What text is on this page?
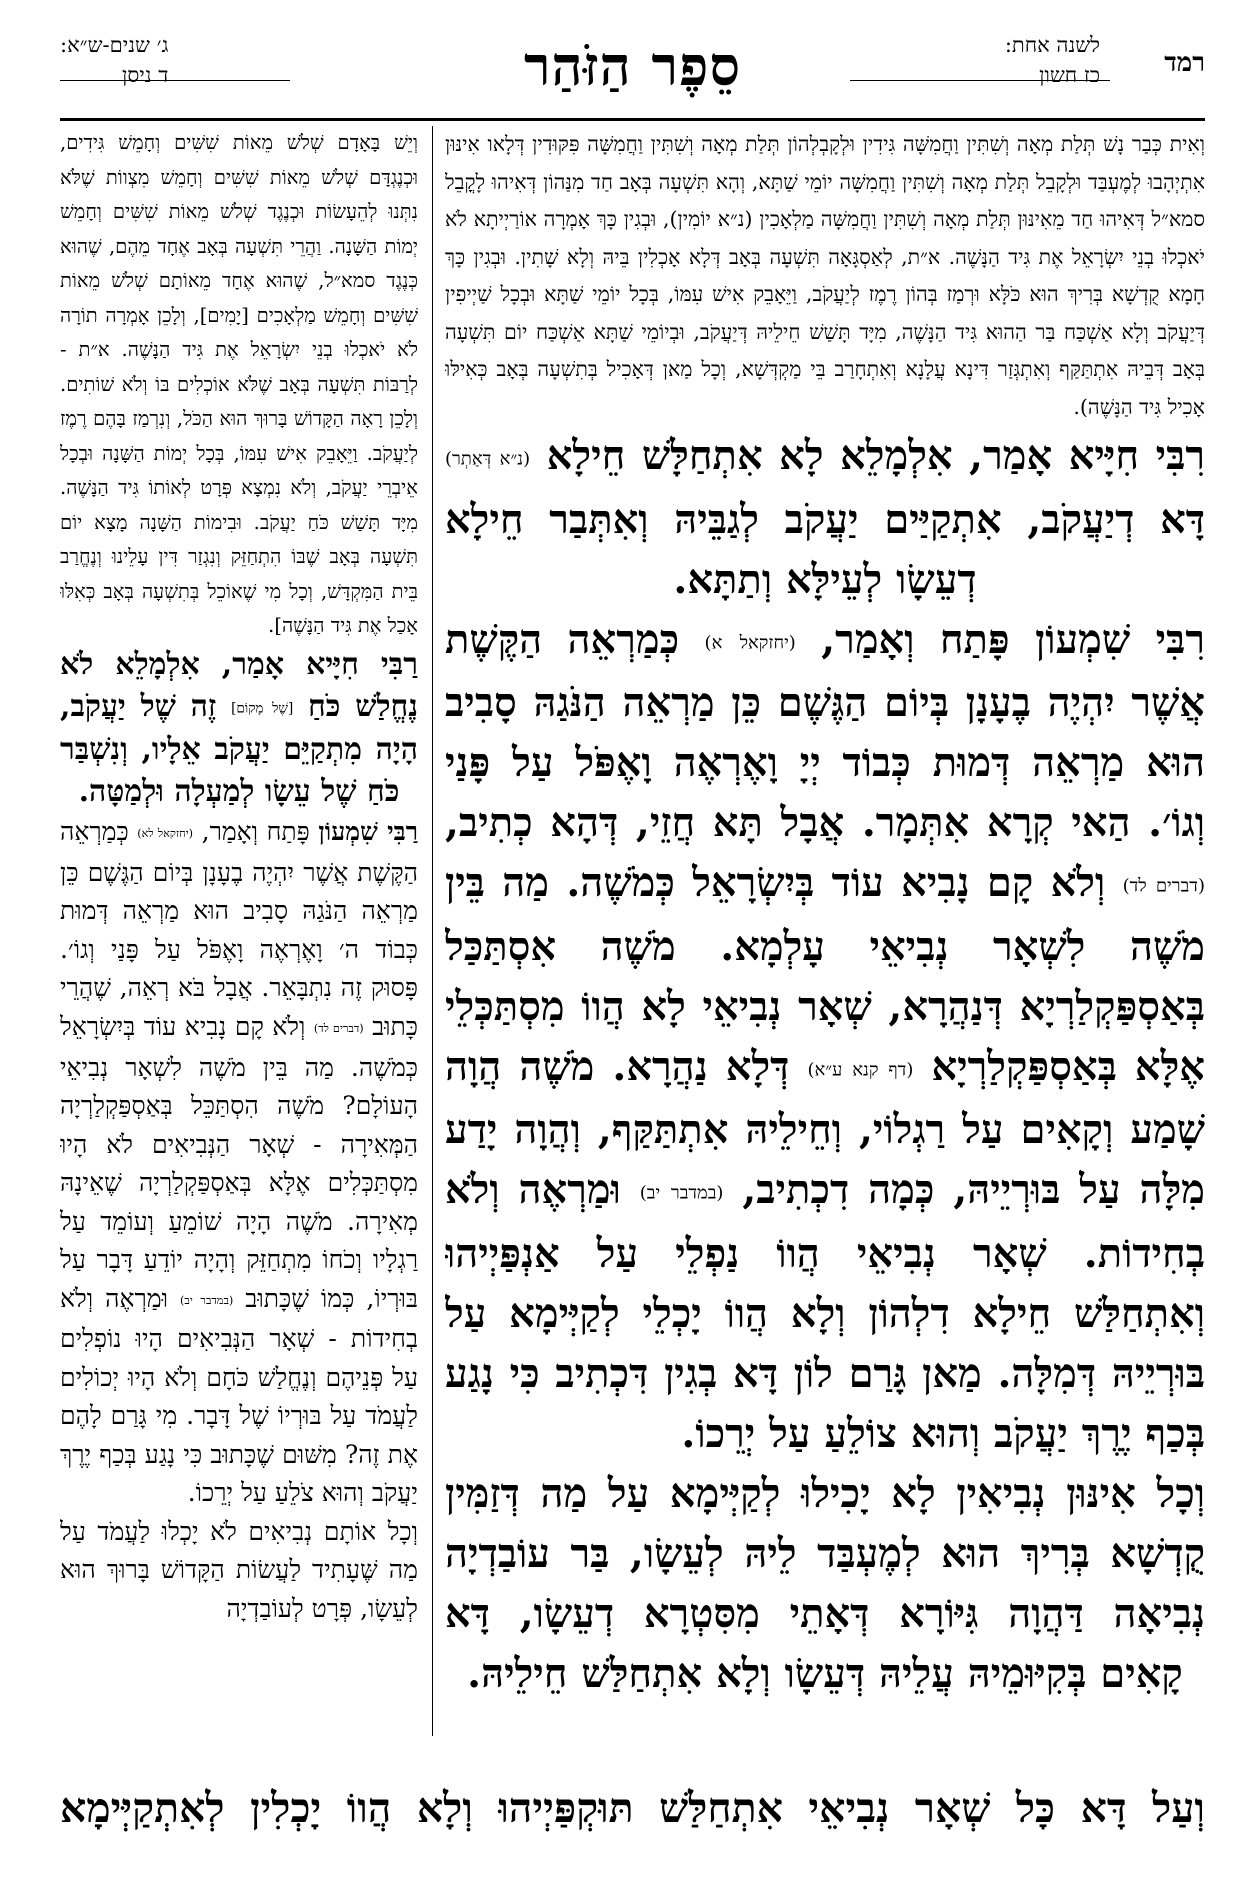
רמד
לשנה אחת:
כז חשון
סֵפֶר הַזֹּהַר
ג׳ שנים-ש״א:
ד ניסן

וְאִית כְּבַר נָשׁ תְּלַת מְאָה וְשִׁתִּין וַחֲמִשָּׁה גִּידִין וּלְקָבְלְהוֹן תְּלַת מְאָה וְשִׁתִּין וַחֲמִשָּׁה פִּקּוּדִין דְּלָאו אִינּוּן אִתְיְהָבוּ לְמֶעְבַּד וּלְקָבֵל תְּלַת מְאָה וְשִׁתִּין וַחֲמִשָּׁה יוֹמֵי שַׁתָּא, וְהָא תִּשְׁעָה בְּאָב חַד מִנַּהוֹן דְּאִיהוּ לָקֳבֵל סמא״ל דְּאִיהוּ חַד מֵאִינּוּן תְּלַת מְאָה וְשִׁתִּין וַחֲמִשָּׁה מַלְאָכִין (נ״א יוֹמִין), וּבְגִין כָּךְ אָמְרָה אוֹרַיְיתָא לֹא יֹאכְלוּ בְנֵי יִשְׂרָאֵל אֶת גִּיד הַנָּשֶׁה. א״ת, לְאַסְגָּאָה תִּשְׁעָה בְּאָב דְּלָא אָכְלִין בֵּיהּ וְלָא שָׁתִין. וּבְגִין כָּךְ חָמָא קֻדְשָׁא בְּרִיךְ הוּא כֹּלָּא וּרְמַז בְּהוֹן רֶמֶז לְיַעֲקֹב, וַיֵּאָבֵק אִישׁ עִמּוֹ, בְּכָל יוֹמֵי שַׁתָּא וּבְכָל שַׁיְיפִין דְּיַעֲקֹב וְלָא אַשְׁכַּח בַּר הַהוּא גִּיד הַנָּשֶׁה, מִיָּד תָּשַׁשׁ חֵילֵיהּ דְּיַעֲקֹב, וּבְיוֹמֵי שַׁתָּא אַשְׁכַּח יוֹם תִּשְׁעָה בְּאָב דְּבֵיהּ אִתְתַּקַּף וְאִתְגְּזַר דִּינָא עֲלָנָא וְאִתְחָרַב בֵּי מַקְדְּשָׁא, וְכָל מַאן דְּאָכִיל בְּתִשְׁעָה בְּאָב כְּאִילּוּ אָכִיל גִּיד הַנָּשֶׁה).

רִבִּי חִיָּיא אָמַר, אִלְמָלֵא לָא אִתְחַלָּשׁ חֵילָא (נ״א דְּאַתְר) דָּא דְיַעֲקֹב, אִתְקַיַּים יַעֲקֹב לְגַבֵּיהּ וְאִתְּבַר חֵילָא דְעֵשָׂו לְעֵילָּא וְתַתָּא.

רִבִּי שִׁמְעוֹן פָּתַח וְאָמַר, (יחזקאל א) כְּמַרְאֵה הַקֶּשֶׁת אֲשֶׁר יִהְיֶה בֶעָנָן בְּיוֹם הַגֶּשֶׁם כֵּן מַרְאֵה הַנֹּגַהּ סָבִיב הוּא מַרְאֵה דְּמוּת כְּבוֹד יְיָ וָאֶרְאֶה וָאֶפֹּל עַל פָּנַי וְגוֹ׳. הַאי קְרָא אִתְּמָר. אֲבָל תָּא חֲזֵי, דְּהָא כְתִיב, (דברים לד) וְלֹא קָם נָבִיא עוֹד בְּיִשְׂרָאֵל כְּמֹשֶׁה. מַה בֵּין מֹשֶׁה לִשְׁאָר נְבִיאֵי עָלְמָא. מֹשֶׁה אִסְתַּכַּל בְּאַסְפַּקְלַרְיָא דְּנַהֲרָא, שְׁאָר נְבִיאֵי לָא הֲווֹ מִסְתַּכְּלֵי אֶלָּא בְּאַסְפַּקְלַרְיָא (דף קנא ע״א) דְּלָא נַהֲרָא. מֹשֶׁה הֲוָה שָׁמַע וְקָאִים עַל רַגְלוֹי, וְחֵילֵיהּ אִתְתַּקַּף, וְהֲוָה יָדַע מִלָּה עַל בּוּרְיֵיהּ, כְּמָה דִכְתִיב, (במדבר יב) וּמַרְאֶה וְלֹא בְחִידוֹת. שְׁאָר נְבִיאֵי הֲווֹ נַפְלֵי עַל אַנְפַּיְיהוּ וְאִתְחַלַּשׁ חֵילָא דִלְהוֹן וְלָא הֲווֹ יָכְלֵי לְקַיְּימָא עַל בּוּרְיֵיהּ דְּמִלָּה. מַאן גָּרַם לוֹן דָּא בְגִין דִּכְתִיב כִּי נָגַע בְּכַף יֶרֶךְ יַעֲקֹב וְהוּא צוֹלֵעַ עַל יְרֵכוֹ.

וְכָל אִינּוּן נְבִיאִין לָא יָכִילוּ לְקַיְּימָא עַל מַה דְּזַמִּין קֻדְשָׁא בְּרִיךְ הוּא לְמֶעְבַּד לֵיהּ לְעֵשָׂו, בַּר עוֹבַדְיָה נְבִיאָה דַּהֲוָה גִּיּוֹרָא דְּאָתֵי מִסִּטְרָא דְעֵשָׂו, דָּא קָאִים בְּקִיּוּמֵיהּ עֲלֵיהּ דְּעֵשָׂו וְלָא אִתְחַלַּשׁ חֵילֵיהּ.

וְיֵשׁ בָּאָדָם שְׁלֹשׁ מֵאוֹת שִׁשִּׁים וְחָמֵשׁ גִּידִים, וּכְנֶגְדָּם שְׁלֹשׁ מֵאוֹת שִׁשִּׁים וְחָמֵשׁ מִצְווֹת שֶׁלֹּא נִתְּנוּ לְהֵעָשׂוֹת וּכְנֶגֶד שְׁלֹשׁ מֵאוֹת שִׁשִּׁים וְחָמֵשׁ יְמוֹת הַשָּׁנָה. וַהֲרֵי תִּשְׁעָה בְּאָב אֶחָד מֵהֶם, שֶׁהוּא כְּנֶגֶד סמא״ל, שֶׁהוּא אֶחָד מֵאוֹתָם שְׁלֹשׁ מֵאוֹת שִׁשִּׁים וְחָמֵשׁ מַלְאָכִים [יָמִים], וְלָכֵן אָמְרָה תוֹרָה לֹא יֹאכְלוּ בְנֵי יִשְׂרָאֵל אֶת גִּיד הַנָּשֶׁה. א״ת - לְרַבּוֹת תִּשְׁעָה בְּאָב שֶׁלֹּא אוֹכְלִים בּוֹ וְלֹא שׁוֹתִים. וְלָכֵן רָאָה הַקָּדוֹשׁ בָּרוּךְ הוּא הַכֹּל, וְנִרְמַז בָּהֶם רֶמֶז לְיַעֲקֹב. וַיֵּאָבֵק אִישׁ עִמּוֹ, בְּכָל יְמוֹת הַשָּׁנָה וּבְכָל אֵיבְרֵי יַעֲקֹב, וְלֹא נִמְצָא פְּרָט לְאוֹתוֹ גִּיד הַנָּשֶׁה. מִיָּד תָּשַׁשׁ כֹּחַ יַעֲקֹב. וּבִימוֹת הַשָּׁנָה מָצָא יוֹם תִּשְׁעָה בְּאָב שֶׁבּוֹ הִתְחַזֵּק וְנִגְזַר דִּין עָלֵינוּ וְנֶחֱרַב בֵּית הַמִּקְדָּשׁ, וְכָל מִי שֶׁאוֹכֵל בְּתִשְׁעָה בְּאָב כְּאִלּוּ אָכַל אֶת גִּיד הַנָּשֶׁה].

רַבִּי חִיָּיא אָמַר, אִלְמָלֵא לֹא נֶחֱלַשׁ כֹּחַ [שֶׁל מָקוֹם] זֶה שֶׁל יַעֲקֹב, הָיָה מִתְקַיֵּם יַעֲקֹב אֵלָיו, וְנִשְׁבַּר כֹּחַ שֶׁל עֵשָׂו לְמַעְלָה וּלְמַטָּה.

רַבִּי שִׁמְעוֹן פָּתַח וְאָמַר, (יחזקאל לא) כְּמַרְאֵה הַקֶּשֶׁת אֲשֶׁר יִהְיֶה בֶעָנָן בְּיוֹם הַגֶּשֶׁם כֵּן מַרְאֵה הַנֹּגַהּ סָבִיב הוּא מַרְאֵה דְּמוּת כְּבוֹד ה׳ וָאֶרְאֶה וָאֶפֹּל עַל פָּנַי וְגוֹ׳. פָּסוּק זֶה נִתְבָּאֵר. אֲבָל בֹּא רְאֵה, שֶׁהֲרֵי כָּתוּב (דברים לד) וְלֹא קָם נָבִיא עוֹד בְּיִשְׂרָאֵל כְּמֹשֶׁה. מַה בֵּין מֹשֶׁה לִשְׁאָר נְבִיאֵי הָעוֹלָם? מֹשֶׁה הִסְתַּכֵּל בְּאַסְפַּקְלַרְיָה הַמְּאִירָה - שְׁאָר הַנְּבִיאִים לֹא הָיוּ מִסְתַּכְּלִים אֶלָּא בְּאַסְפַּקְלַרְיָה שֶׁאֵינָהּ מְאִירָה. מֹשֶׁה הָיָה שׁוֹמֵעַ וְעוֹמֵד עַל רַגְלָיו וְכֹחוֹ מִתְחַזֵּק וְהָיָה יוֹדֵעַ דָּבָר עַל בּוּרְיוֹ, כְּמוֹ שֶׁכָּתוּב (במדבר יב) וּמַרְאֶה וְלֹא בְחִידוֹת - שְׁאָר הַנְּבִיאִים הָיוּ נוֹפְלִים עַל פְּנֵיהֶם וְנֶחֱלַשׁ כֹּחָם וְלֹא הָיוּ יְכוֹלִים לַעֲמֹד עַל בּוּרְיוֹ שֶׁל דָּבָר. מִי גָּרַם לָהֶם אֶת זֶה? מִשּׁוּם שֶׁכָּתוּב כִּי נָגַע בְּכַף יֶרֶךְ יַעֲקֹב וְהוּא צֹלֵעַ עַל יְרֵכוֹ.

וְכָל אוֹתָם נְבִיאִים לֹא יָכְלוּ לַעֲמֹד עַל מַה שֶּׁעָתִיד לַעֲשׂוֹת הַקָּדוֹשׁ בָּרוּךְ הוּא לְעֵשָׂו, פְּרָט לְעוֹבַדְיָה

וְעַל דָּא כָּל שְׁאָר נְבִיאֵי אִתְחַלַּשׁ תּוּקְפַּיְיהוּ וְלָא הֲווֹ יָכְלִין לְאִתְקַיְּימָא
